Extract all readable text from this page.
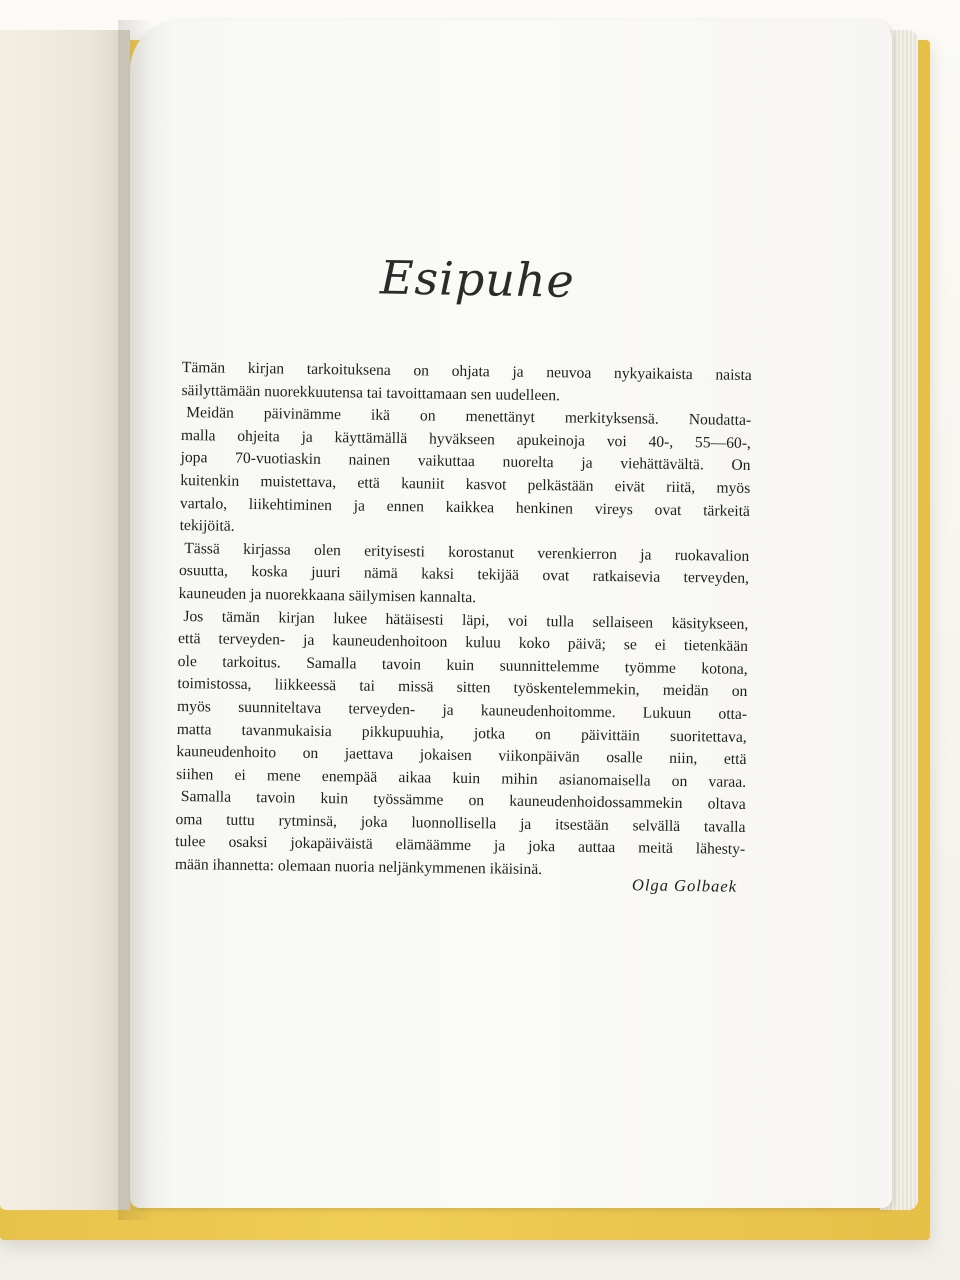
Esipuhe

Tämän kirjan tarkoituksena on ohjata ja neuvoa nykyaikaista naista

säilyttämään nuorekkuutensa tai tavoittamaan sen uudelleen.

Meidän päivinämme ikä on menettänyt merkityksensä. Noudatta-

malla ohjeita ja käyttämällä hyväkseen apukeinoja voi 40-, 55—60-,

jopa 70-vuotiaskin nainen vaikuttaa nuorelta ja viehättävältä. On

kuitenkin muistettava, että kauniit kasvot pelkästään eivät riitä, myös

vartalo, liikehtiminen ja ennen kaikkea henkinen vireys ovat tärkeitä

tekijöitä.

Tässä kirjassa olen erityisesti korostanut verenkierron ja ruokavalion

osuutta, koska juuri nämä kaksi tekijää ovat ratkaisevia terveyden,

kauneuden ja nuorekkaana säilymisen kannalta.

Jos tämän kirjan lukee hätäisesti läpi, voi tulla sellaiseen käsitykseen,

että terveyden- ja kauneudenhoitoon kuluu koko päivä; se ei tietenkään

ole tarkoitus. Samalla tavoin kuin suunnittelemme työmme kotona,

toimistossa, liikkeessä tai missä sitten työskentelemmekin, meidän on

myös suunniteltava terveyden- ja kauneudenhoitomme. Lukuun otta-

matta tavanmukaisia pikkupuuhia, jotka on päivittäin suoritettava,

kauneudenhoito on jaettava jokaisen viikonpäivän osalle niin, että

siihen ei mene enempää aikaa kuin mihin asianomaisella on varaa.

Samalla tavoin kuin työssämme on kauneudenhoidossammekin oltava

oma tuttu rytminsä, joka luonnollisella ja itsestään selvällä tavalla

tulee osaksi jokapäiväistä elämäämme ja joka auttaa meitä lähesty-

mään ihannetta: olemaan nuoria neljänkymmenen ikäisinä.

Olga Golbaek
